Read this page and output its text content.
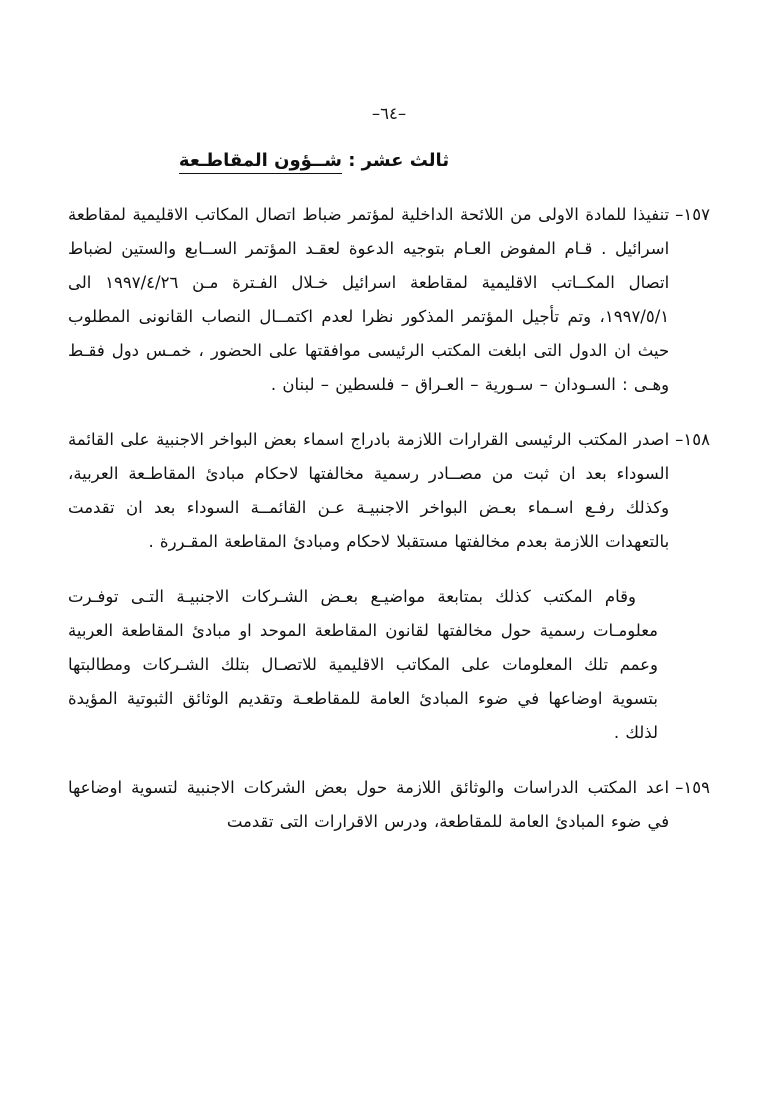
–٦٤–
ثالث عشر : شــؤون المقاطـعة
١٥٧–
تنفيذا للمادة الاولى من اللائحة الداخلية لمؤتمر ضباط اتصال المكاتب الاقليمية لمقاطعة اسرائيل . قـام المفوض العـام بتوجيه الدعوة لعقـد المؤتمر الســابع والستين لضباط اتصال المكــاتب الاقليمية لمقاطعة اسرائيل خـلال الفـترة مـن ١٩٩٧/٤/٢٦ الى ١٩٩٧/٥/١، وتم تأجيل المؤتمر المذكور نظرا لعدم اكتمــال النصاب القانونى المطلوب حيث ان الدول التى ابلغت المكتب الرئيسى موافقتها على الحضور ، خمـس دول فقـط وهـى : السـودان – سـورية – العـراق – فلسطين – لبنان .
١٥٨–
اصدر المكتب الرئيسى القرارات اللازمة بادراج اسماء بعض البواخر الاجنبية على القائمة السوداء بعد ان ثبت من مصــادر رسمية مخالفتها لاحكام مبادئ المقاطـعة العربية، وكذلك رفـع اسـماء بعـض البواخر الاجنبيـة عـن القائمــة السوداء بعد ان تقدمت بالتعهدات اللازمة بعدم مخالفتها مستقبلا لاحكام ومبادئ المقاطعة المقـررة .
وقام المكتب كذلك بمتابعة مواضيـع بعـض الشـركات الاجنبيـة التـى توفـرت معلومـات رسمية حول مخالفتها لقانون المقاطعة الموحد او مبادئ المقاطعة العربية وعمم تلك المعلومات على المكاتب الاقليمية للاتصـال بتلك الشـركات ومطالبتها بتسوية اوضاعها في ضوء المبادئ العامة للمقاطعـة وتقديم الوثائق الثبوتية المؤيدة لذلك .
١٥٩–
اعد المكتب الدراسات والوثائق اللازمة حول بعض الشركات الاجنبية لتسوية اوضاعها في ضوء المبادئ العامة للمقاطعة، ودرس الاقرارات التى تقدمت
